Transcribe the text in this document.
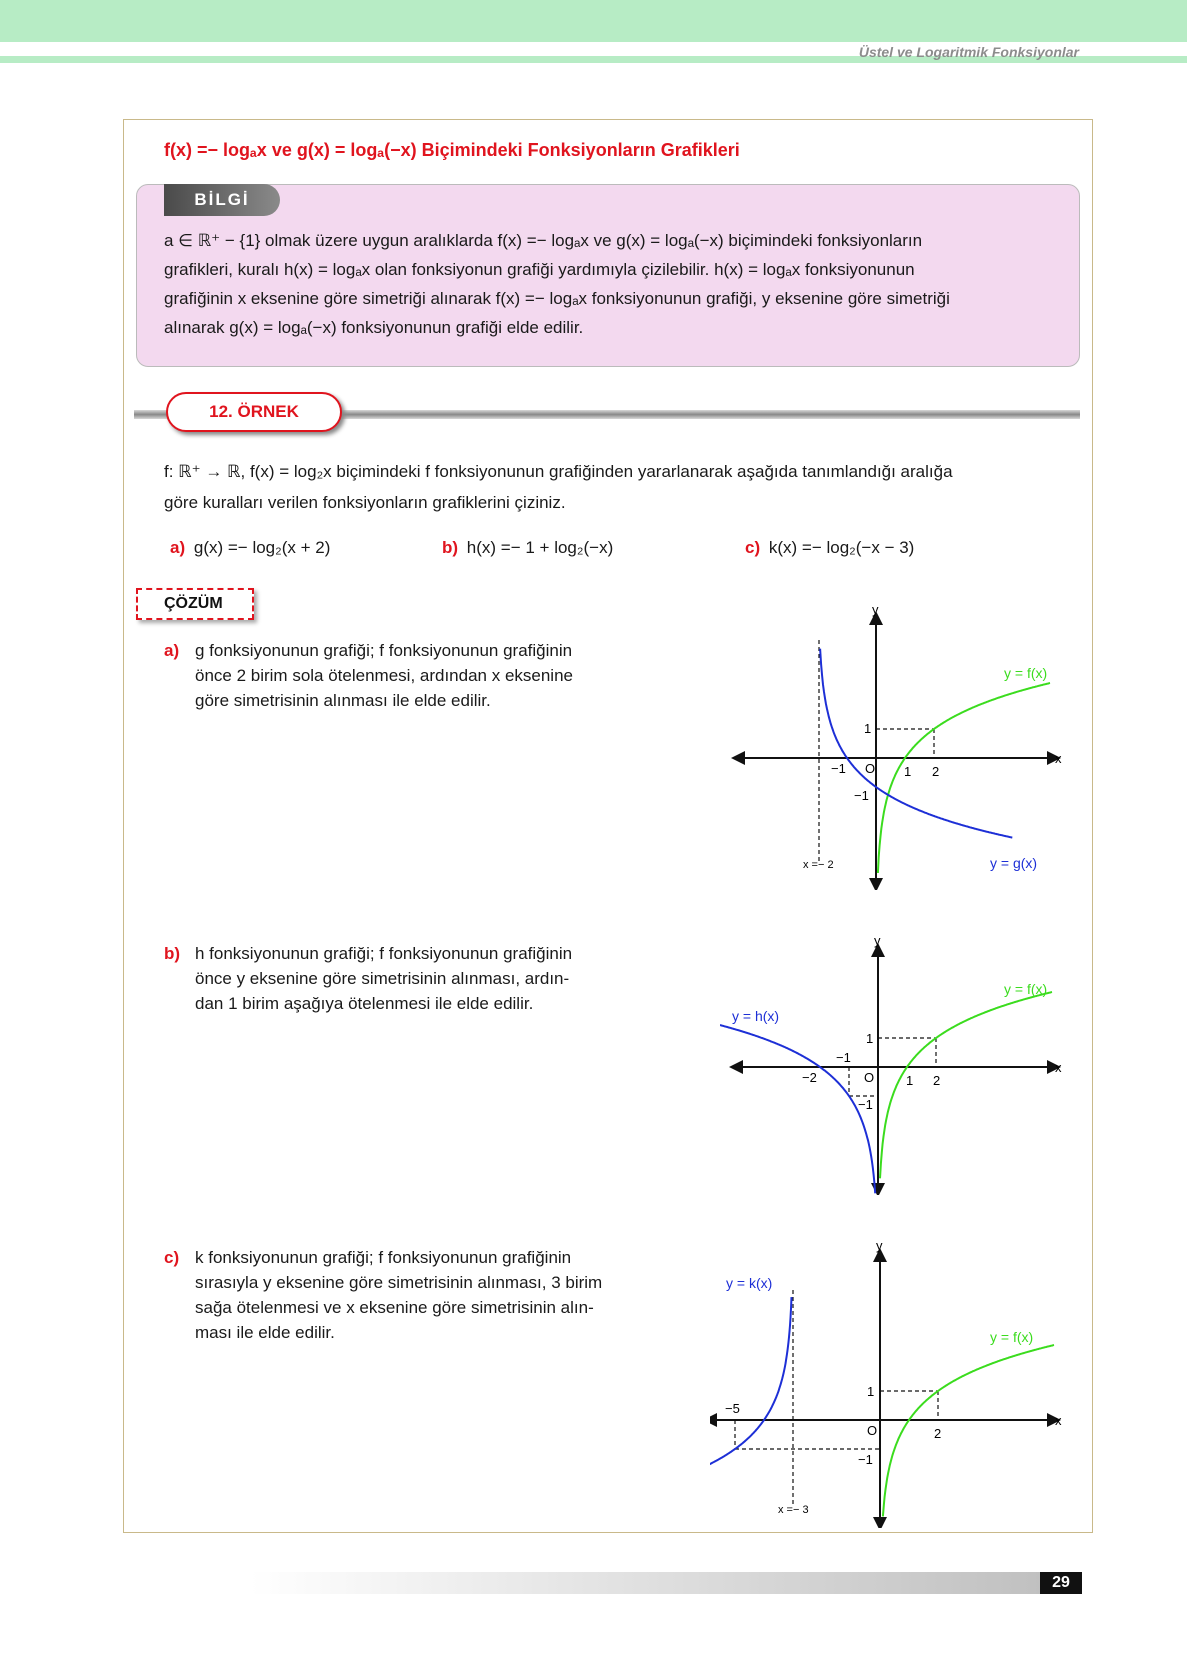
Üstel ve Logaritmik Fonksiyonlar
f(x) =− logₐx ve g(x) = logₐ(−x) Biçimindeki Fonksiyonların Grafikleri
BİLGİ
a ∈ ℝ⁺ − {1} olmak üzere uygun aralıklarda f(x) =− logₐx ve g(x) = logₐ(−x) biçimindeki fonksiyonların
grafikleri, kuralı h(x) = logₐx olan fonksiyonun grafiği yardımıyla çizilebilir. h(x) = logₐx fonksiyonunun
grafiğinin x eksenine göre simetriği alınarak f(x) =− logₐx fonksiyonunun grafiği, y eksenine göre simetriği
alınarak g(x) = logₐ(−x) fonksiyonunun grafiği elde edilir.
12. ÖRNEK
f: ℝ⁺ → ℝ, f(x) = log₂x biçimindeki f fonksiyonunun grafiğinden yararlanarak aşağıda tanımlandığı aralığa
göre kuralları verilen fonksiyonların grafiklerini çiziniz.
a) g(x) =− log₂(x + 2)	b) h(x) =− 1 + log₂(−x)	c) k(x) =− log₂(−x − 3)
ÇÖZÜM
a) g fonksiyonunun grafiği; f fonksiyonunun grafiğinin
önce 2 birim sola ötelenmesi, ardından x eksenine
göre simetrisinin alınması ile elde edilir.
b) h fonksiyonunun grafiği; f fonksiyonunun grafiğinin
önce y eksenine göre simetrisinin alınması, ardın-
dan 1 birim aşağıya ötelenmesi ile elde edilir.
c) k fonksiyonunun grafiği; f fonksiyonunun grafiğinin
sırasıyla y eksenine göre simetrisinin alınması, 3 birim
sağa ötelenmesi ve x eksenine göre simetrisinin alın-
ması ile elde edilir.
y
x
O 1 2
−1
1
−1
y = f(x)
y = g(x)
x =− 2
y
x
O 1 2
−2
1
−1
−1
y = f(x)
y = h(x)
y
x
O	2
1
−1
−5
y = f(x)
y = k(x)
x =− 3
29
